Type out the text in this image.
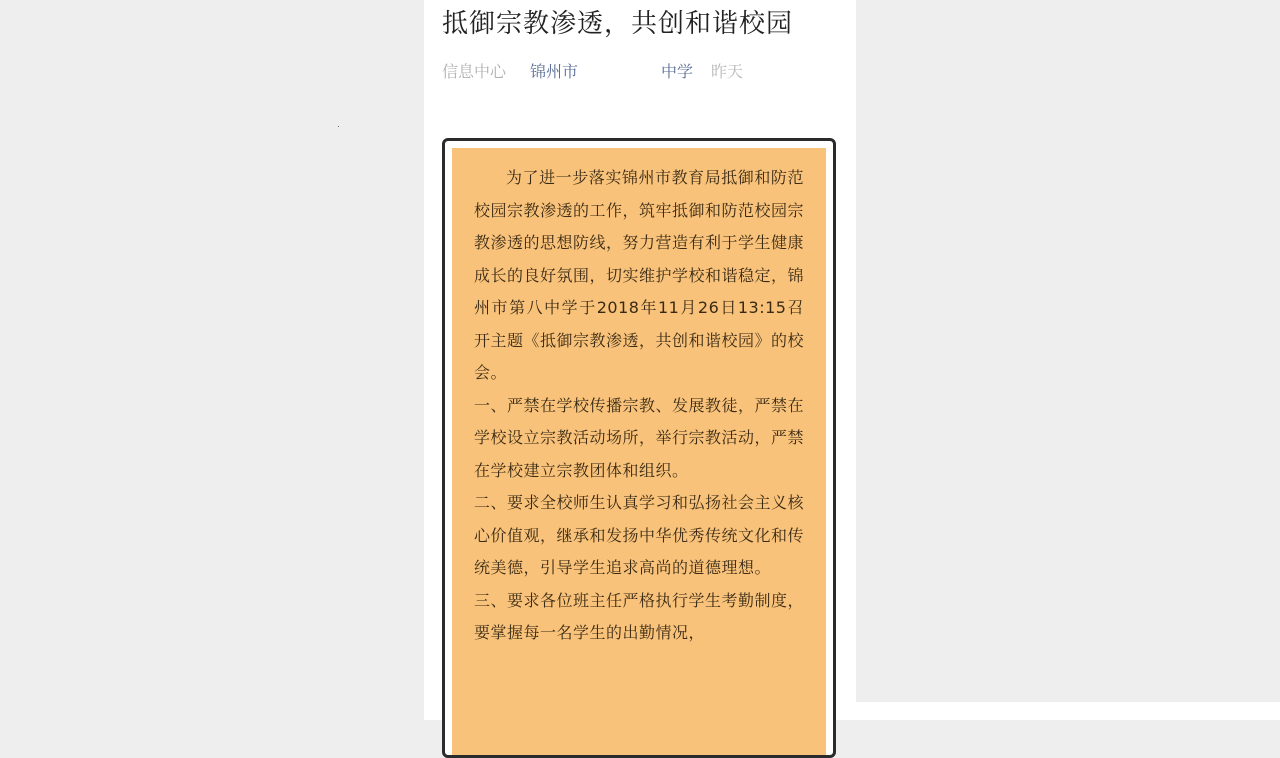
抵御宗教渗透，共创和谐校园
信息中心 锦州市	中学 昨天

为了进一步落实锦州市教育局抵御和防范校园宗教渗透的工作，筑牢抵御和防范校园宗教渗透的思想防线，努力营造有利于学生健康成长的良好氛围，切实维护学校和谐稳定，锦州市第八中学于2018年11月26日13:15召开主题《抵御宗教渗透，共创和谐校园》的校会。

一、严禁在学校传播宗教、发展教徒，严禁在学校设立宗教活动场所，举行宗教活动，严禁在学校建立宗教团体和组织。

二、要求全校师生认真学习和弘扬社会主义核心价值观，继承和发扬中华优秀传统文化和传统美德，引导学生追求高尚的道德理想。

三、要求各位班主任严格执行学生考勤制度，要掌握每一名学生的出勤情况，
